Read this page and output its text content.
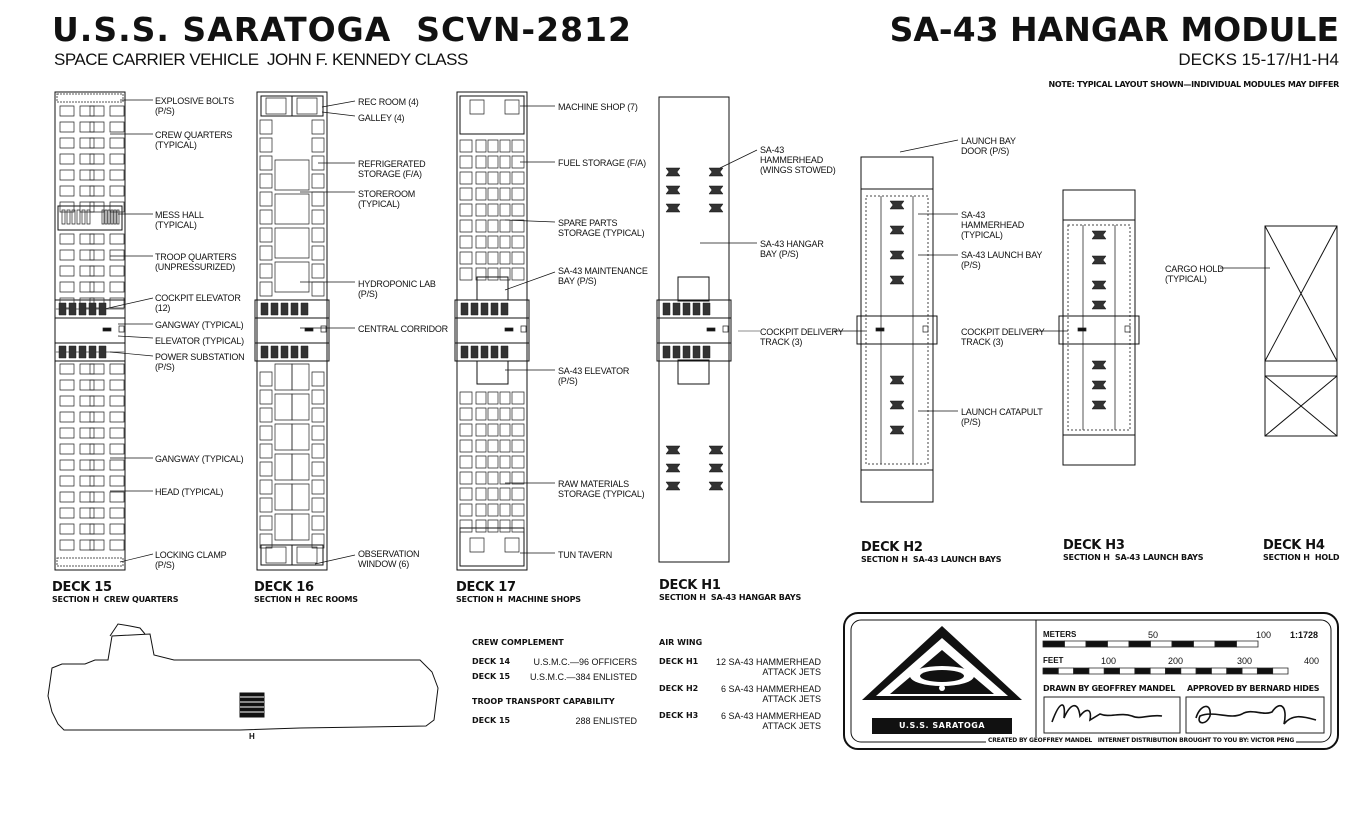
U.S.S. SARATOGA  SCVN-2812
SPACE CARRIER VEHICLE  JOHN F. KENNEDY CLASS
SA-43 HANGAR MODULE
DECKS 15-17/H1-H4
NOTE: TYPICAL LAYOUT SHOWN—INDIVIDUAL MODULES MAY DIFFER
EXPLOSIVE BOLTS
(P/S)
CREW QUARTERS
(TYPICAL)
MESS HALL
(TYPICAL)
TROOP QUARTERS
(UNPRESSURIZED)
COCKPIT ELEVATOR
(12)
GANGWAY (TYPICAL)
ELEVATOR (TYPICAL)
POWER SUBSTATION
(P/S)
GANGWAY (TYPICAL)
HEAD (TYPICAL)
LOCKING CLAMP
(P/S)
REC ROOM (4)
GALLEY (4)
REFRIGERATED
STORAGE (F/A)
STOREROOM
(TYPICAL)
HYDROPONIC LAB
(P/S)
CENTRAL CORRIDOR
OBSERVATION
WINDOW (6)
MACHINE SHOP (7)
FUEL STORAGE (F/A)
SPARE PARTS
STORAGE (TYPICAL)
SA-43 MAINTENANCE
BAY (P/S)
SA-43 ELEVATOR
(P/S)
RAW MATERIALS
STORAGE (TYPICAL)
TUN TAVERN
SA-43
HAMMERHEAD
(WINGS STOWED)
SA-43 HANGAR
BAY (P/S)
COCKPIT DELIVERY
TRACK (3)
LAUNCH BAY
DOOR (P/S)
SA-43
HAMMERHEAD
(TYPICAL)
SA-43 LAUNCH BAY
(P/S)
COCKPIT DELIVERY
TRACK (3)
LAUNCH CATAPULT
(P/S)
CARGO HOLD
(TYPICAL)
DECK 15
SECTION H  CREW QUARTERS
DECK 16
SECTION H  REC ROOMS
DECK 17
SECTION H  MACHINE SHOPS
DECK H1
SECTION H  SA-43 HANGAR BAYS
DECK H2
SECTION H  SA-43 LAUNCH BAYS
DECK H3
SECTION H  SA-43 LAUNCH BAYS
DECK H4
SECTION H  HOLD
H
CREW COMPLEMENT
DECK 14	U.S.M.C.—96 OFFICERS
DECK 15 U.S.M.C.—384 ENLISTED
TROOP TRANSPORT CAPABILITY
DECK 15	288 ENLISTED
AIR WING
DECK H1 12 SA-43 HAMMERHEAD
ATTACK JETS
DECK H2	6 SA-43 HAMMERHEAD
ATTACK JETS
DECK H3	6 SA-43 HAMMERHEAD
ATTACK JETS	U.S.S. SARATOGA
METERS	50	100 1:1728
FEET	100	200	300	400
DRAWN BY GEOFFREY MANDEL APPROVED BY BERNARD HIDES
CREATED BY GEOFFREY MANDEL   INTERNET DISTRIBUTION BROUGHT TO YOU BY: VICTOR PENG
